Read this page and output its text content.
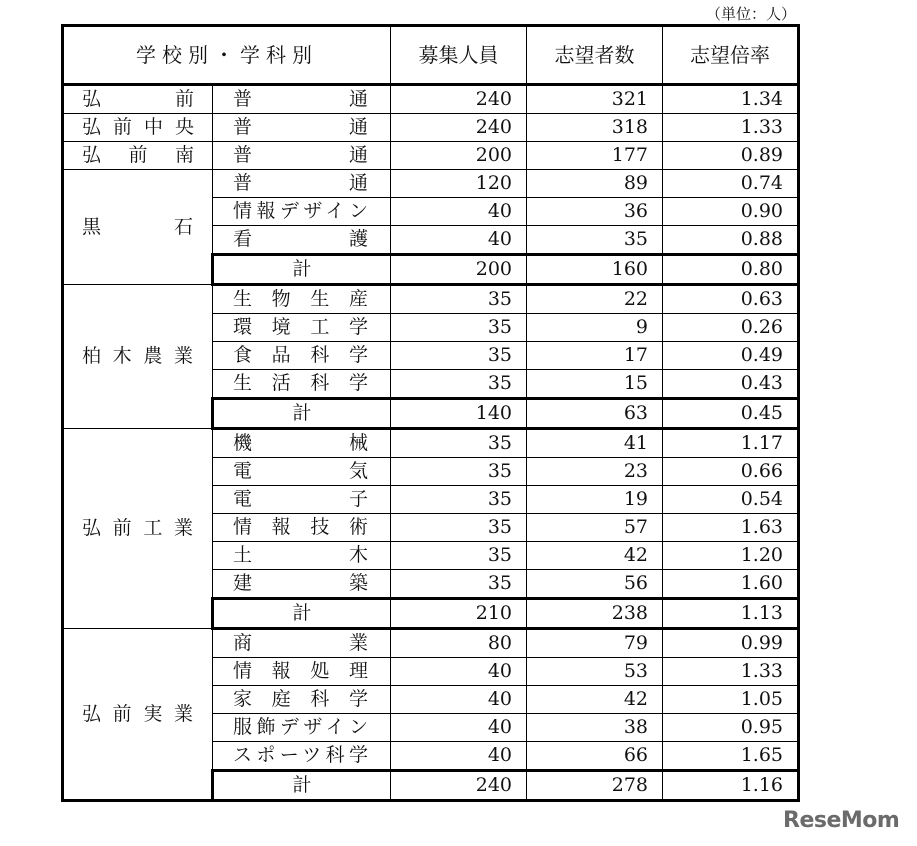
（単位：人）
学校別・学科別		募集人員	志望者数	志望倍率
弘前	普通	240	321	1.34
弘前中央	普通	240	318	1.33
弘前南	普通	200	177	0.89
黒石	普通	120	89	0.74
	情報デザイン	40	36	0.90
	看護	40	35	0.88
	計	200	160	0.80
柏木農業	生物生産	35	22	0.63
	環境工学	35	9	0.26
	食品科学	35	17	0.49
	生活科学	35	15	0.43
	計	140	63	0.45
弘前工業	機械	35	41	1.17
	電気	35	23	0.66
	電子	35	19	0.54
	情報技術	35	57	1.63
	土木	35	42	1.20
	建築	35	56	1.60
	計	210	238	1.13
弘前実業	商業	80	79	0.99
	情報処理	40	53	1.33
	家庭科学	40	42	1.05
	服飾デザイン	40	38	0.95
	スポーツ科学	40	66	1.65
	計	240	278	1.16
ReseMom
